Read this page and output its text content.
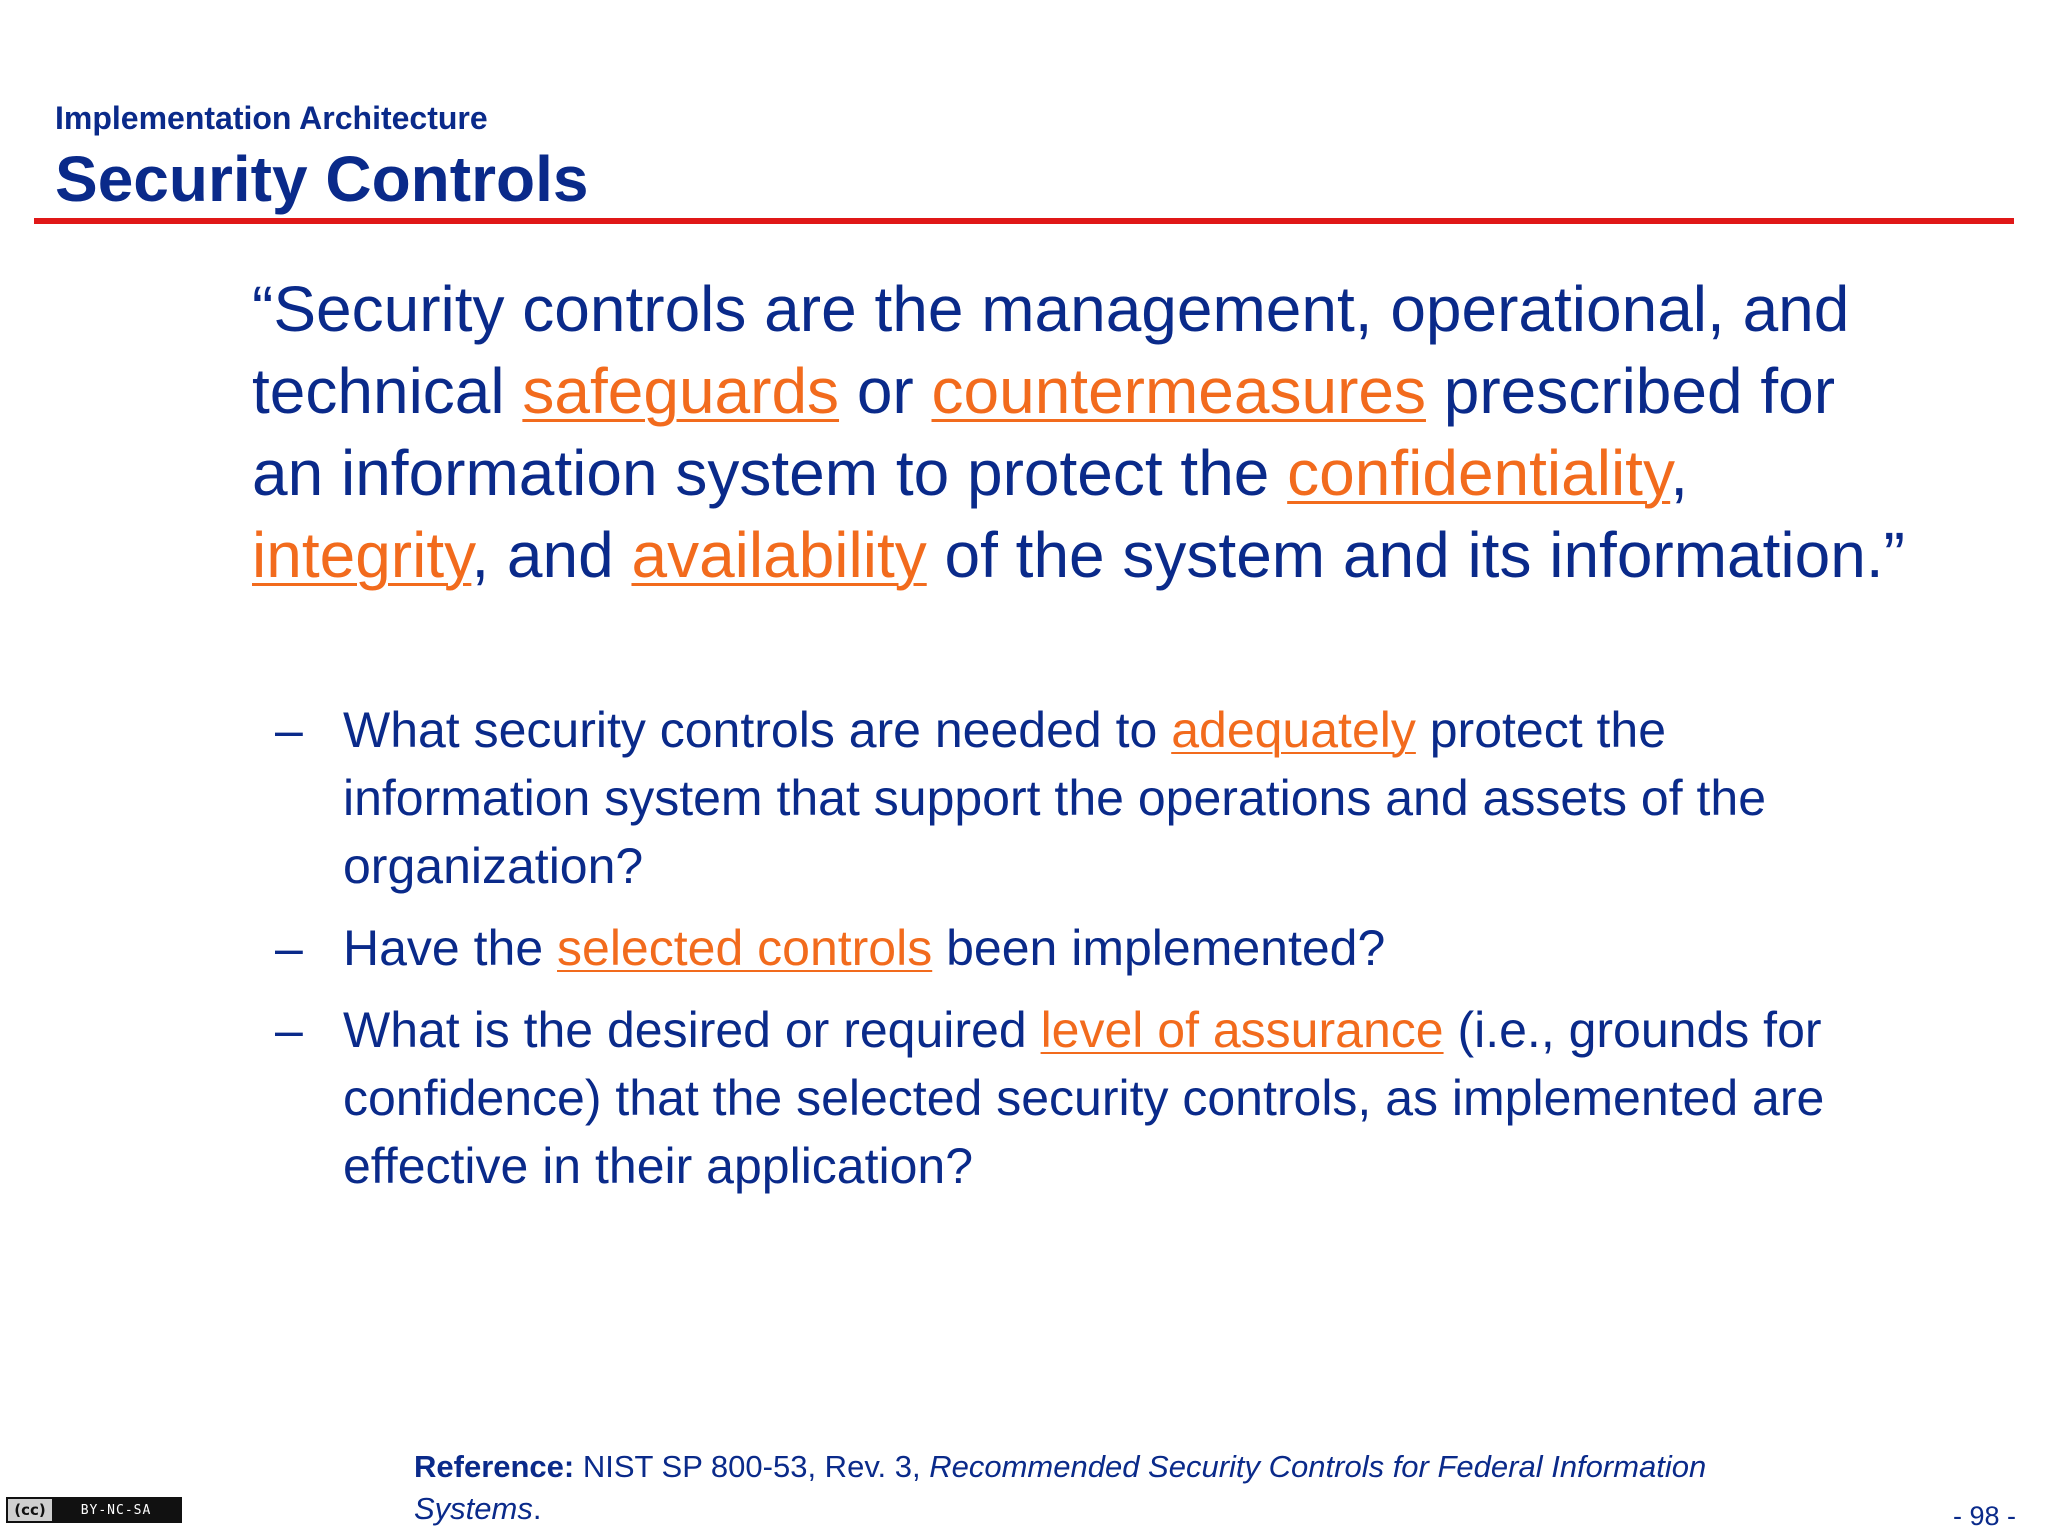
Implementation Architecture
Security Controls

“Security controls are the management, operational, and technical safeguards or countermeasures prescribed for an information system to protect the confidentiality, integrity, and availability of the system and its information.”

– What security controls are needed to adequately protect the information system that support the operations and assets of the organization?
– Have the selected controls been implemented?
– What is the desired or required level of assurance (i.e., grounds for confidence) that the selected security controls, as implemented are effective in their application?
Reference: NIST SP 800-53, Rev. 3, Recommended Security Controls for Federal Information Systems.
(cc)	BY-NC-SA	- 98 -
